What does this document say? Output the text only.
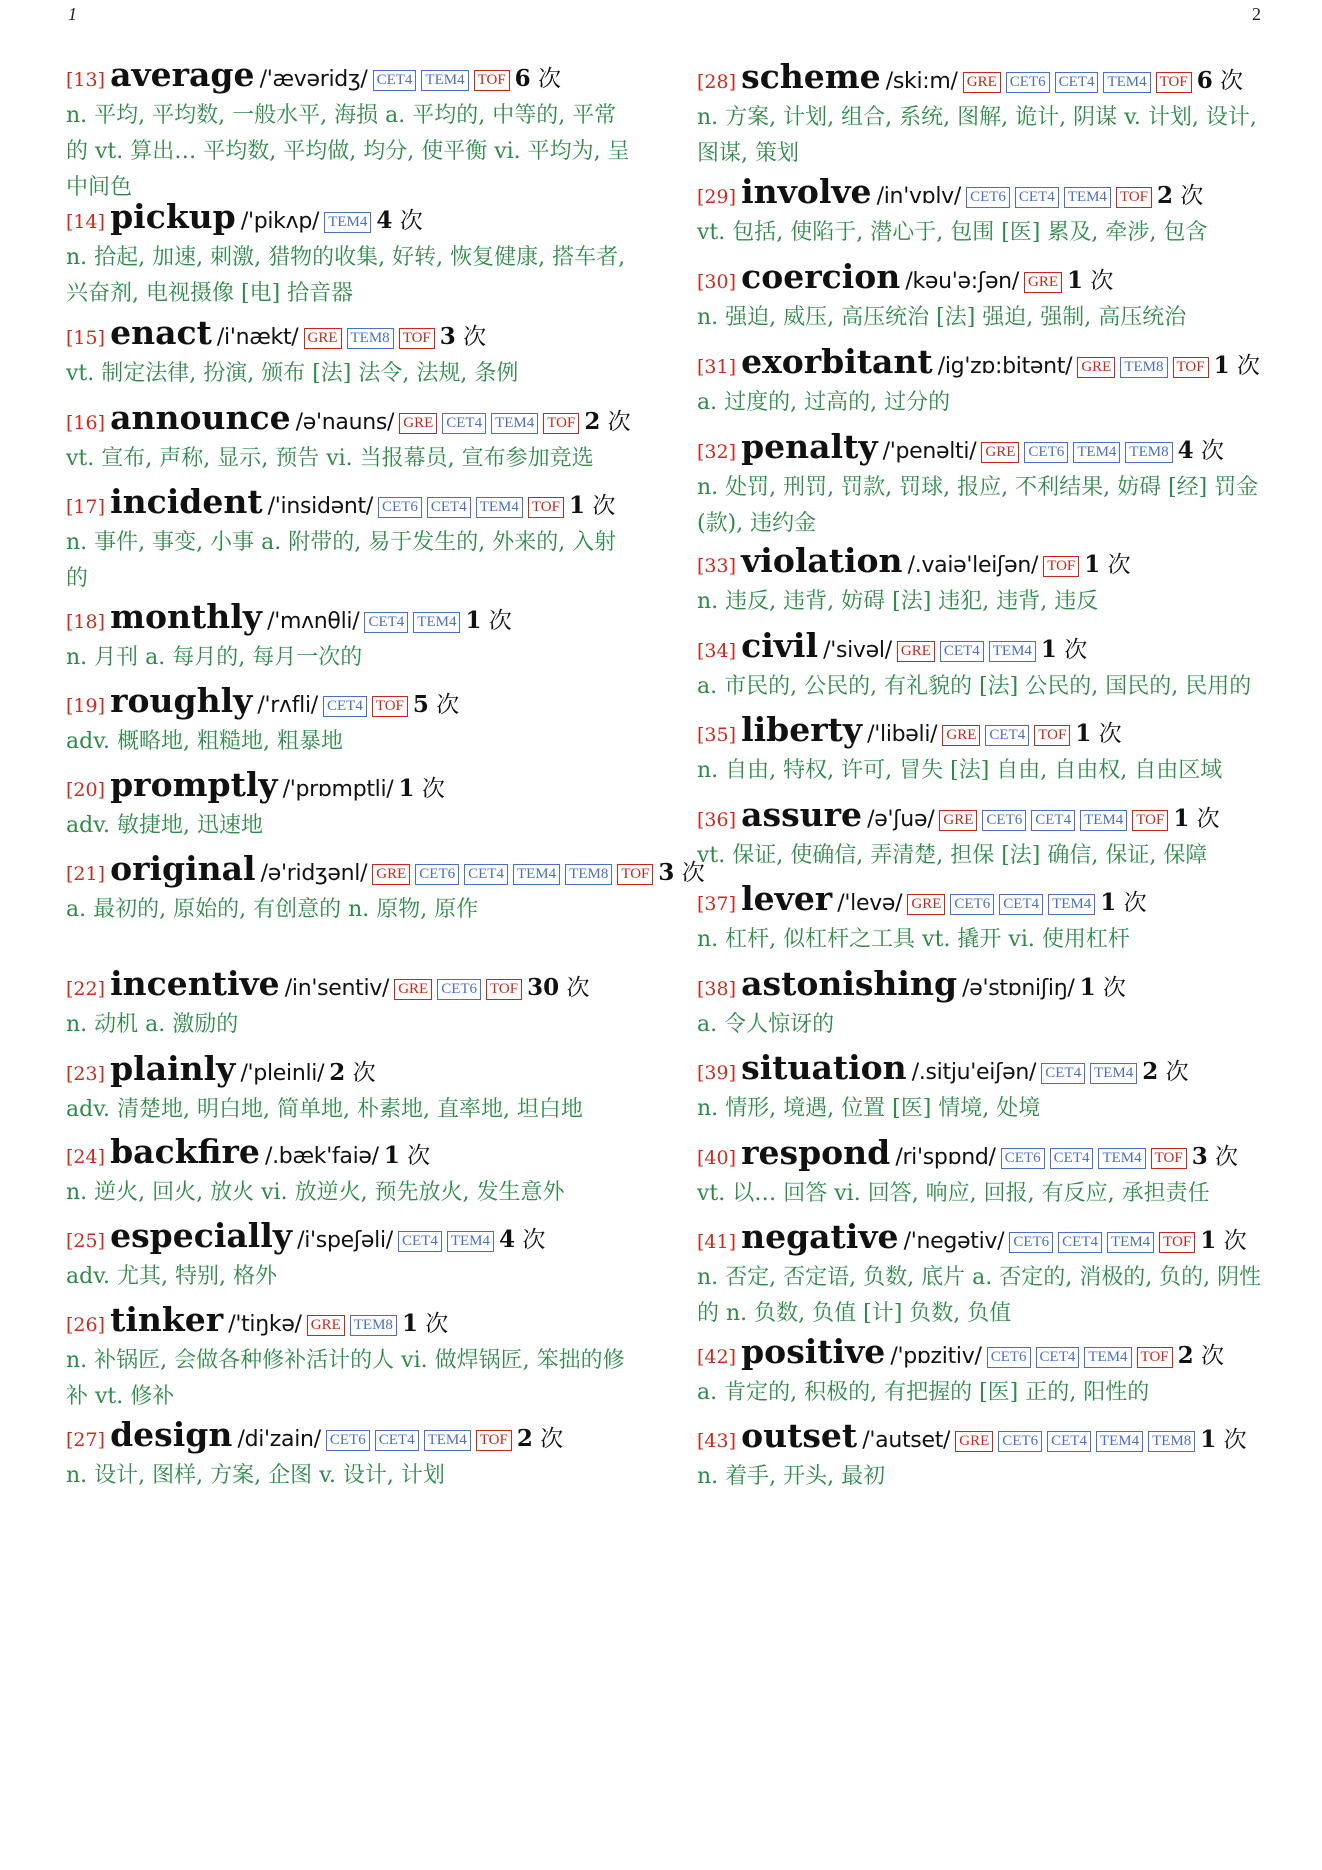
1	2
[13] average /'ævəridʒ/ CET4 TEM4 TOF 6 次
n. 平均, 平均数, 一般水平, 海损 a. 平均的, 中等的, 平常的 vt. 算出… 平均数, 平均做, 均分, 使平衡 vi. 平均为, 呈中间色
[14] pickup /'pikʌp/ TEM4 4 次
n. 拾起, 加速, 刺激, 猎物的收集, 好转, 恢复健康, 搭车者, 兴奋剂, 电视摄像 [电] 拾音器
[15] enact /i'nækt/ GRE TEM8 TOF 3 次
vt. 制定法律, 扮演, 颁布 [法] 法令, 法规, 条例
[16] announce /ə'nauns/ GRE CET4 TEM4 TOF 2 次
vt. 宣布, 声称, 显示, 预告 vi. 当报幕员, 宣布参加竞选
[17] incident /'insidənt/ CET6 CET4 TEM4 TOF 1 次
n. 事件, 事变, 小事 a. 附带的, 易于发生的, 外来的, 入射的
[18] monthly /'mʌnθli/ CET4 TEM4 1 次
n. 月刊 a. 每月的, 每月一次的
[19] roughly /'rʌfli/ CET4 TOF 5 次
adv. 概略地, 粗糙地, 粗暴地
[20] promptly /'prɒmptli/ 1 次
adv. 敏捷地, 迅速地
[21] original /ə'ridʒənl/ GRE CET6 CET4 TEM4 TEM8 TOF 3 次
a. 最初的, 原始的, 有创意的 n. 原物, 原作
[22] incentive /in'sentiv/ GRE CET6 TOF 30 次
n. 动机 a. 激励的
[23] plainly /'pleinli/ 2 次
adv. 清楚地, 明白地, 简单地, 朴素地, 直率地, 坦白地
[24] backfire /.bæk'faiə/ 1 次
n. 逆火, 回火, 放火 vi. 放逆火, 预先放火, 发生意外
[25] especially /i'speʃəli/ CET4 TEM4 4 次
adv. 尤其, 特别, 格外
[26] tinker /'tiŋkə/ GRE TEM8 1 次
n. 补锅匠, 会做各种修补活计的人 vi. 做焊锅匠, 笨拙的修补 vt. 修补
[27] design /di'zain/ CET6 CET4 TEM4 TOF 2 次
n. 设计, 图样, 方案, 企图 v. 设计, 计划
[28] scheme /ski:m/ GRE CET6 CET4 TEM4 TOF 6 次
n. 方案, 计划, 组合, 系统, 图解, 诡计, 阴谋 v. 计划, 设计, 图谋, 策划
[29] involve /in'vɒlv/ CET6 CET4 TEM4 TOF 2 次
vt. 包括, 使陷于, 潜心于, 包围 [医] 累及, 牵涉, 包含
[30] coercion /kəu'ə:ʃən/ GRE 1 次
n. 强迫, 威压, 高压统治 [法] 强迫, 强制, 高压统治
[31] exorbitant /ig'zɒ:bitənt/ GRE TEM8 TOF 1 次
a. 过度的, 过高的, 过分的
[32] penalty /'penəlti/ GRE CET6 TEM4 TEM8 4 次
n. 处罚, 刑罚, 罚款, 罚球, 报应, 不利结果, 妨碍 [经] 罚金 (款), 违约金
[33] violation /.vaiə'leiʃən/ TOF 1 次
n. 违反, 违背, 妨碍 [法] 违犯, 违背, 违反
[34] civil /'sivəl/ GRE CET4 TEM4 1 次
a. 市民的, 公民的, 有礼貌的 [法] 公民的, 国民的, 民用的
[35] liberty /'libəli/ GRE CET4 TOF 1 次
n. 自由, 特权, 许可, 冒失 [法] 自由, 自由权, 自由区域
[36] assure /ə'ʃuə/ GRE CET6 CET4 TEM4 TOF 1 次
vt. 保证, 使确信, 弄清楚, 担保 [法] 确信, 保证, 保障
[37] lever /'levə/ GRE CET6 CET4 TEM4 1 次
n. 杠杆, 似杠杆之工具 vt. 撬开 vi. 使用杠杆
[38] astonishing /ə'stɒniʃiŋ/ 1 次
a. 令人惊讶的
[39] situation /.sitju'eiʃən/ CET4 TEM4 2 次
n. 情形, 境遇, 位置 [医] 情境, 处境
[40] respond /ri'spɒnd/ CET6 CET4 TEM4 TOF 3 次
vt. 以… 回答 vi. 回答, 响应, 回报, 有反应, 承担责任
[41] negative /'negətiv/ CET6 CET4 TEM4 TOF 1 次
n. 否定, 否定语, 负数, 底片 a. 否定的, 消极的, 负的, 阴性的 n. 负数, 负值 [计] 负数, 负值
[42] positive /'pɒzitiv/ CET6 CET4 TEM4 TOF 2 次
a. 肯定的, 积极的, 有把握的 [医] 正的, 阳性的
[43] outset /'autset/ GRE CET6 CET4 TEM4 TEM8 1 次
n. 着手, 开头, 最初
